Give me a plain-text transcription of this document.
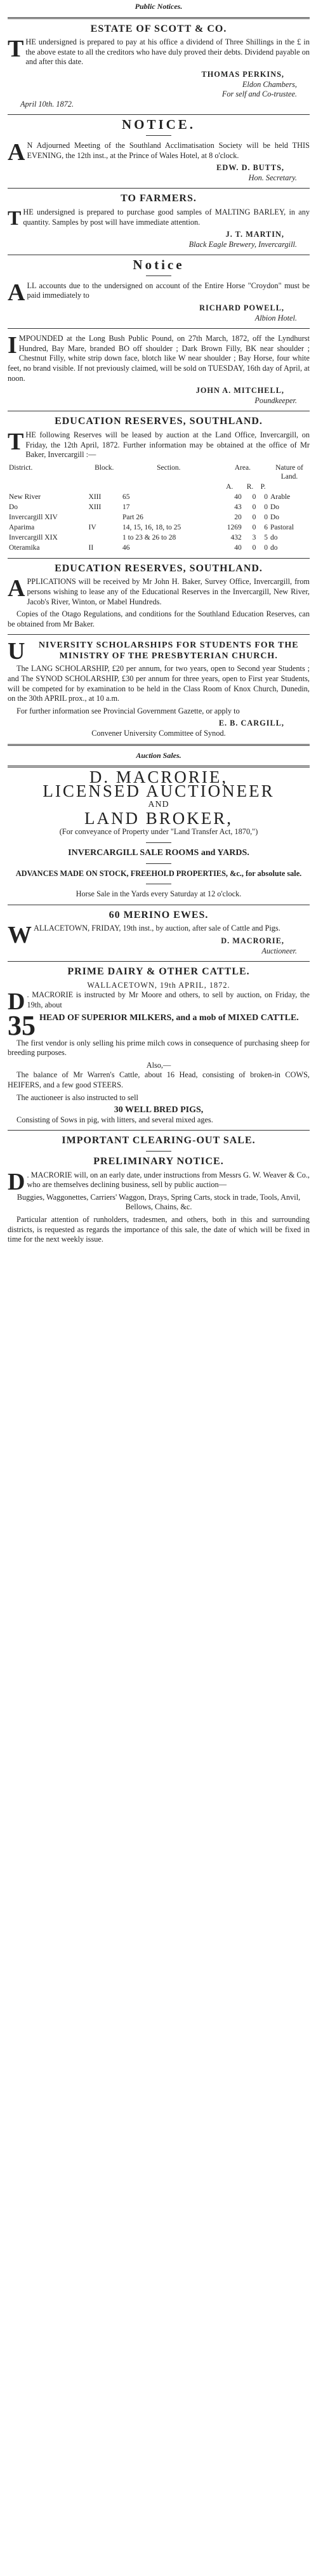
Public Notices.
ESTATE OF SCOTT & CO.

THE undersigned is prepared to pay at his office a dividend of Three Shillings in the £ in the above estate to all the creditors who have duly proved their debts. Dividend payable on and after this date.

THOMAS PERKINS,
Eldon Chambers,
For self and Co-trustee.
April 10th. 1872.
NOTICE.

A N Adjourned Meeting of the Southland Acclimatisation Society will be held THIS EVENING, the 12th inst., at the Prince of Wales Hotel, at 8 o'clock.

EDW. D. BUTTS,
Hon. Secretary.
TO FARMERS.

THE undersigned is prepared to purchase good samples of MALTING BARLEY, in any quantity. Samples by post will have immediate attention.

J. T. MARTIN,
Black Eagle Brewery, Invercargill.
Notice

ALL accounts due to the undersigned on account of the Entire Horse "Croydon" must be paid immediately to

RICHARD POWELL,
Albion Hotel.

IMPOUNDED at the Long Bush Public Pound, on 27th March, 1872, off the Lyndhurst Hundred, Bay Mare, branded BO off shoulder ; Dark Brown Filly, BK near shoulder ; Chestnut Filly, white strip down face, blotch like W near shoulder ; Bay Horse, four white feet, no brand visible. If not previously claimed, will be sold on TUESDAY, 16th day of April, at noon.

JOHN A. MITCHELL,
Poundkeeper.
EDUCATION RESERVES, SOUTHLAND.

THE following Reserves will be leased by auction at the Land Office, Invercargill, on Friday, the 12th April, 1872. Further information may be obtained at the office of Mr Baker, Invercargill :—

District.	Block.	Section.	Area.			Nature of Land.
			A.	R.	P.	
New River	XIII	65	40	0	0	Arable
Do	XIII	17	43	0	0	Do
Invercargill XIV		Part 26	20	0	0	Do
Aparima	IV	14, 15, 16, 18, to 25	1269	0	6	Pastoral
Invercargill XIX		1 to 23 & 26 to 28	432	3	5	do
Oteramika	II	46	40	0	0	do
EDUCATION RESERVES, SOUTHLAND.

APPLICATIONS will be received by Mr John H. Baker, Survey Office, Invercargill, from persons wishing to lease any of the Educational Reserves in the Invercargill, New River, Jacob's River, Winton, or Mabel Hundreds.

Copies of the Otago Regulations, and conditions for the Southland Education Reserves, can be obtained from Mr Baker.

U NIVERSITY SCHOLARSHIPS FOR STUDENTS FOR THE MINISTRY OF THE PRESBYTERIAN CHURCH.

The LANG SCHOLARSHIP, £20 per annum, for two years, open to Second year Students ; and The SYNOD SCHOLARSHIP, £30 per annum for three years, open to First year Students, will be competed for by examination to be held in the Class Room of Knox Church, Dunedin, on the 30th APRIL prox., at 10 a.m.

For further information see Provincial Government Gazette, or apply to

E. B. CARGILL,
Convener University Committee of Synod.
Auction Sales.
D. MACRORIE,
LICENSED AUCTIONEER
AND
LAND BROKER,

(For conveyance of Property under "Land Transfer Act, 1870,")

INVERCARGILL SALE ROOMS and YARDS.

ADVANCES MADE ON STOCK, FREEHOLD PROPERTIES, &c., for absolute sale.

Horse Sale in the Yards every Saturday at 12 o'clock.

60 MERINO EWES.

WALLACETOWN, FRIDAY, 19th inst., by auction, after sale of Cattle and Pigs.

D. MACRORIE,
Auctioneer.
PRIME DAIRY & OTHER CATTLE.
WALLACETOWN, 19th APRIL, 1872.

D . MACRORIE is instructed by Mr Moore and others, to sell by auction, on Friday, the 19th, about

35 HEAD OF SUPERIOR MILKERS, and a mob of MIXED CATTLE.

The first vendor is only selling his prime milch cows in consequence of purchasing sheep for breeding purposes.

Also,—

The balance of Mr Warren's Cattle, about 16 Head, consisting of broken-in COWS, HEIFERS, and a few good STEERS.

The auctioneer is also instructed to sell

30 WELL BRED PIGS,

Consisting of Sows in pig, with litters, and several mixed ages.

IMPORTANT CLEARING-OUT SALE.
PRELIMINARY NOTICE.

D . MACRORIE will, on an early date, under instructions from Messrs G. W. Weaver & Co., who are themselves declining business, sell by public auction—

Buggies, Waggonettes, Carriers' Waggon, Drays, Spring Carts, stock in trade, Tools, Anvil, Bellows, Chains, &c.

Particular attention of runholders, tradesmen, and others, both in this and surrounding districts, is requested as regards the importance of this sale, the date of which will be fixed in time for the next weekly issue.
